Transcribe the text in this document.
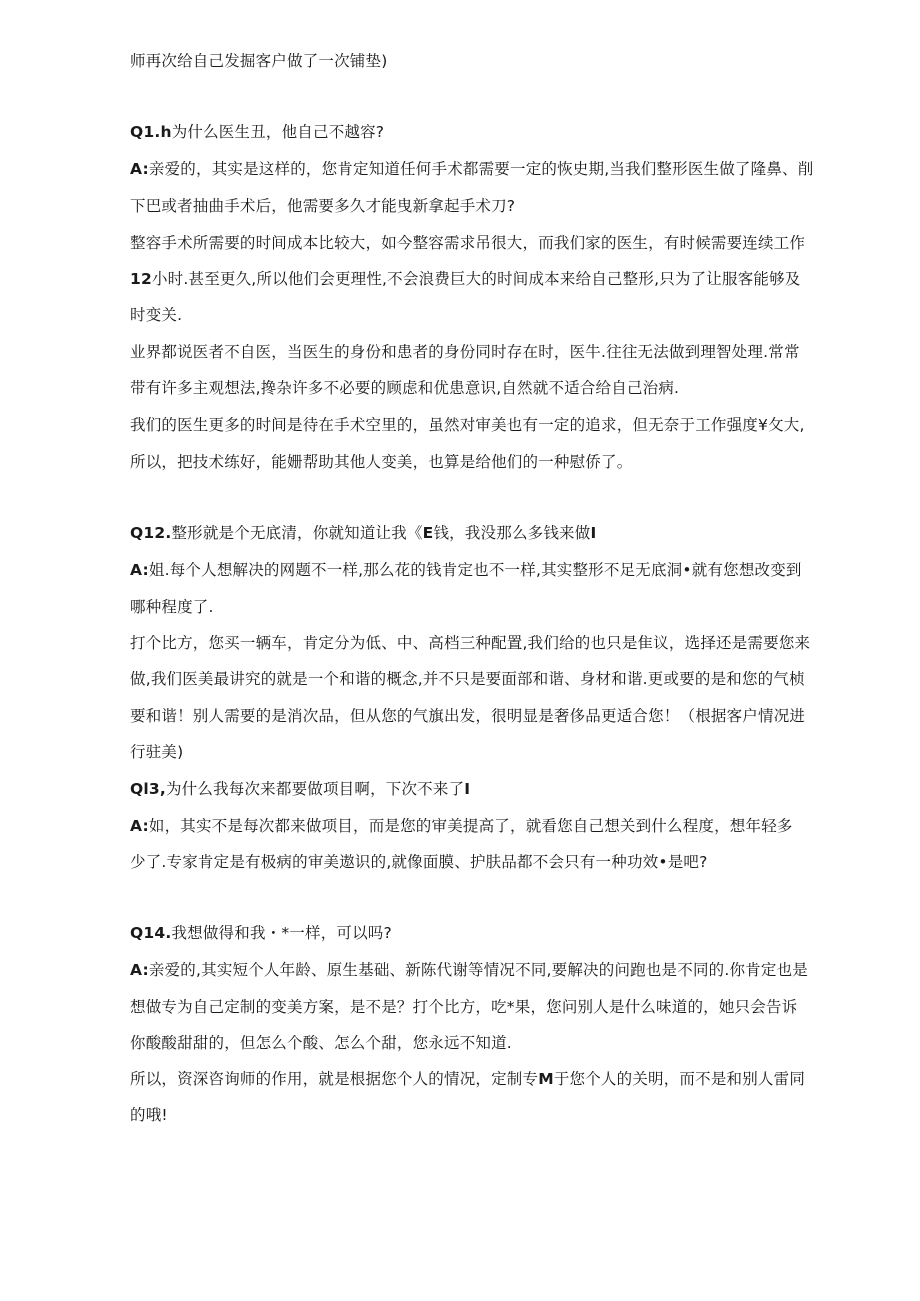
师再次给自己发掘客户做了一次铺垫)

Q1.h为什么医生丑，他自己不越容?

A:亲爱的，其实是这样的，您肯定知道任何手术都需要一定的恢史期,当我们整形医生做了隆鼻、削

下巴或者抽曲手术后，他需要多久才能曳新拿起手术刀?

整容手术所需要的时间成本比较大，如今整容需求吊很大，而我们家的医生，有时候需要连续工作

12小时.甚至更久,所以他们会更理性,不会浪费巨大的时间成本来给自己整形,只为了让服客能够及

时变关.

业界都说医者不自医，当医生的身份和患者的身份同时存在时，医牛.往往无法做到理智处理.常常

带有许多主观想法,搀杂许多不必要的顾虑和优患意识,自然就不适合给自己治病.

我们的医生更多的时间是待在手术空里的，虽然对审美也有一定的追求，但无奈于工作强度¥攵大,

所以，把技术练好，能姗帮助其他人变美，也算是给他们的一种慰侨了。

Q12.整形就是个无底清，你就知道让我《E钱，我没那么多钱来做I

A:姐.每个人想解决的网题不一样,那么花的钱肯定也不一样,其实整形不足无底洞•就有您想改变到

哪种程度了.

打个比方，您买一辆车，肯定分为低、中、高档三种配置,我们给的也只是隹议，选择还是需要您来

做,我们医美最讲究的就是一个和谐的概念,并不只是要面部和谐、身材和谐.更或要的是和您的气桢

要和谐！别人需要的是消次品，但从您的气旗出发，很明显是奢侈品更适合您！（根据客户情况进

行驻美)

Ql3,为什么我每次来都要做项目啊，下次不来了I

A:如，其实不是每次都来做项目，而是您的审美提高了，就看您自己想关到什么程度，想年轻多

少了.专家肯定是有极病的审美遨识的,就像面膜、护肤品都不会只有一种功效•是吧?

Q14.我想做得和我・*一样，可以吗?

A:亲爱的,其实短个人年龄、原生基础、新陈代谢等情况不同,要解决的问跑也是不同的.你肯定也是

想做专为自己定制的变美方案，是不是？打个比方，吃*果，您问别人是什么味道的，她只会告诉

你酸酸甜甜的，但怎么个酸、怎么个甜，您永远不知道.

所以，资深咨询师的作用，就是根据您个人的情况，定制专M于您个人的关明，而不是和别人雷同

的哦!
